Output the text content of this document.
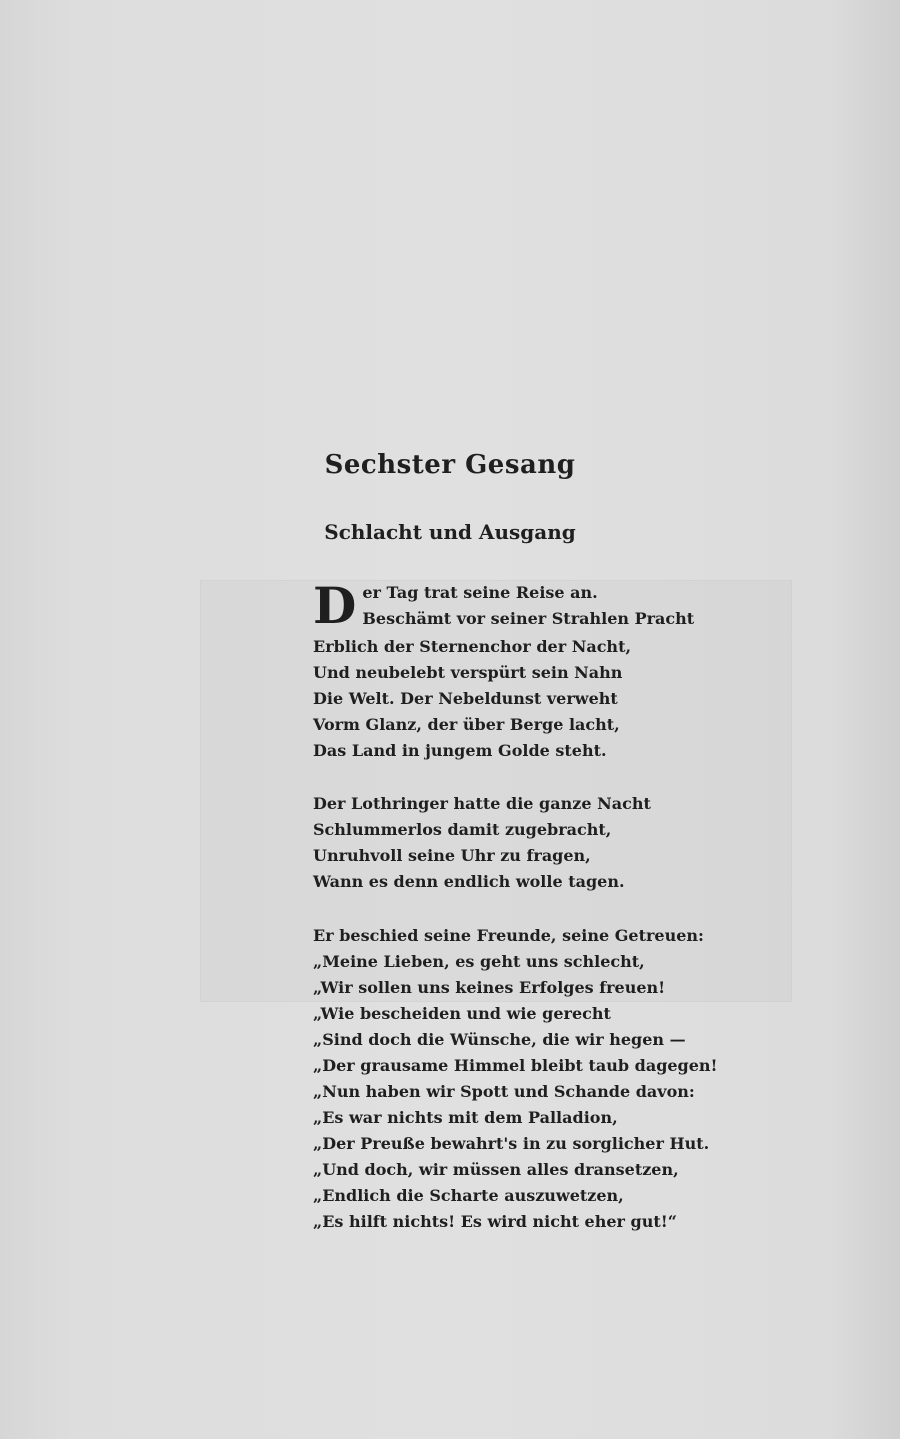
Sechster Gesang
Schlacht und Ausgang
D er Tag trat seine Reise an.
Beschämt vor seiner Strahlen Pracht
Erblich der Sternenchor der Nacht,
Und neubelebt verspürt sein Nahn
Die Welt. Der Nebeldunst verweht
Vorm Glanz, der über Berge lacht,
Das Land in jungem Golde steht.
Der Lothringer hatte die ganze Nacht
Schlummerlos damit zugebracht,
Unruhvoll seine Uhr zu fragen,
Wann es denn endlich wolle tagen.
Er beschied seine Freunde, seine Getreuen:
„Meine Lieben, es geht uns schlecht,
„Wir sollen uns keines Erfolges freuen!
„Wie bescheiden und wie gerecht
„Sind doch die Wünsche, die wir hegen —
„Der grausame Himmel bleibt taub dagegen!
„Nun haben wir Spott und Schande davon:
„Es war nichts mit dem Palladion,
„Der Preuße bewahrt's in zu sorglicher Hut.
„Und doch, wir müssen alles dransetzen,
„Endlich die Scharte auszuwetzen,
„Es hilft nichts! Es wird nicht eher gut!“
